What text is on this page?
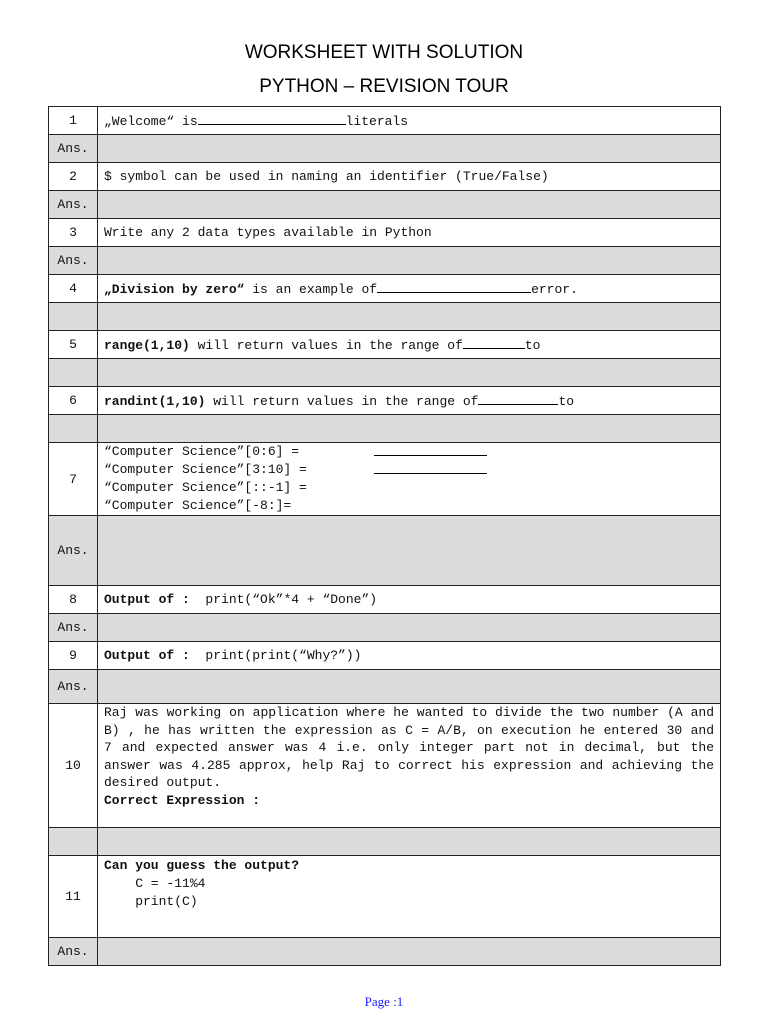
WORKSHEET WITH SOLUTION
PYTHON – REVISION TOUR
1	„Welcome“ is literals
Ans.	
2	$ symbol can be used in naming an identifier (True/False)
Ans.	
3	Write any 2 data types available in Python
Ans.	
4	„Division by zero“ is an example of error.

5	range(1,10) will return values in the range of to

6	randint(1,10) will return values in the range of to

7	“Computer Science”[0:6] =
“Computer Science”[3:10] =
“Computer Science”[::-1] =
“Computer Science”[-8:]=

Ans.	
8	Output of :  print(“Ok”*4 + “Done”)
Ans.	
9	Output of :  print(print(“Why?”))
Ans.	
10	Raj was working on application where he wanted to divide the two number (A and B) , he has written the expression as C = A/B, on execution he entered 30 and 7 and expected answer was 4 i.e. only integer part not in decimal, but the answer was 4.285 approx, help Raj to correct his expression and achieving the desired output.
Correct Expression :

11	Can you guess the output?
C = -11%4
print(C)

Ans.	
Page :1
